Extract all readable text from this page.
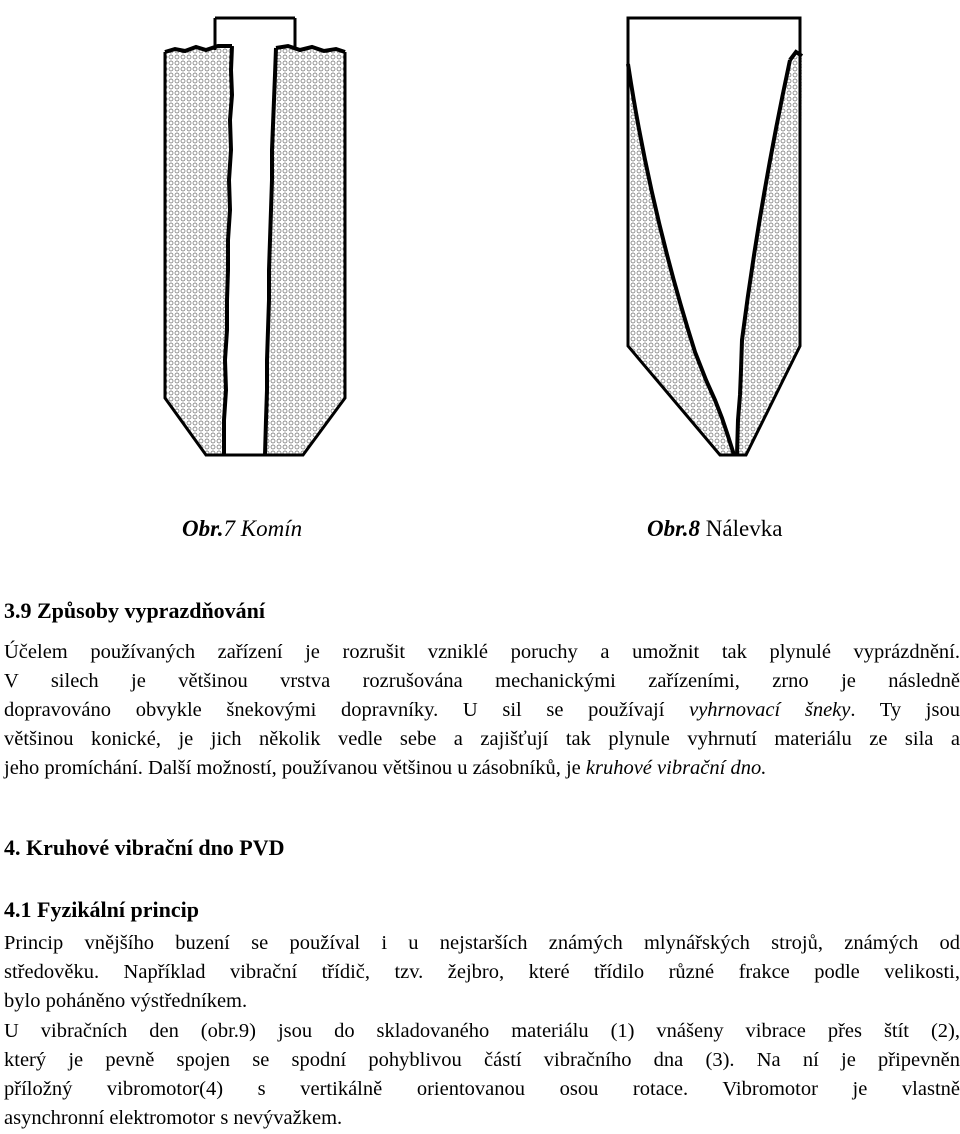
Obr.7 Komín	Obr.8 Nálevka
3.9 Způsoby vyprazdňování
Účelem používaných zařízení je rozrušit vzniklé poruchy a umožnit tak plynulé vyprázdnění.
V silech je většinou vrstva rozrušována mechanickými zařízeními, zrno je následně
dopravováno obvykle šnekovými dopravníky. U sil se používají vyhrnovací šneky. Ty jsou
většinou konické, je jich několik vedle sebe a zajišťují tak plynule vyhrnutí materiálu ze sila a
jeho promíchání. Další možností, používanou většinou u zásobníků, je kruhové vibrační dno.
4. Kruhové vibrační dno PVD
4.1 Fyzikální princip
Princip vnějšího buzení se používal i u nejstarších známých mlynářských strojů, známých od
středověku. Například vibrační třídič, tzv. žejbro, které třídilo různé frakce podle velikosti,
bylo poháněno výstředníkem.
U vibračních den (obr.9) jsou do skladovaného materiálu (1) vnášeny vibrace přes štít (2),
který je pevně spojen se spodní pohyblivou částí vibračního dna (3). Na ní je připevněn
příložný vibromotor(4) s vertikálně orientovanou osou rotace. Vibromotor je vlastně
asynchronní elektromotor s nevývažkem.
